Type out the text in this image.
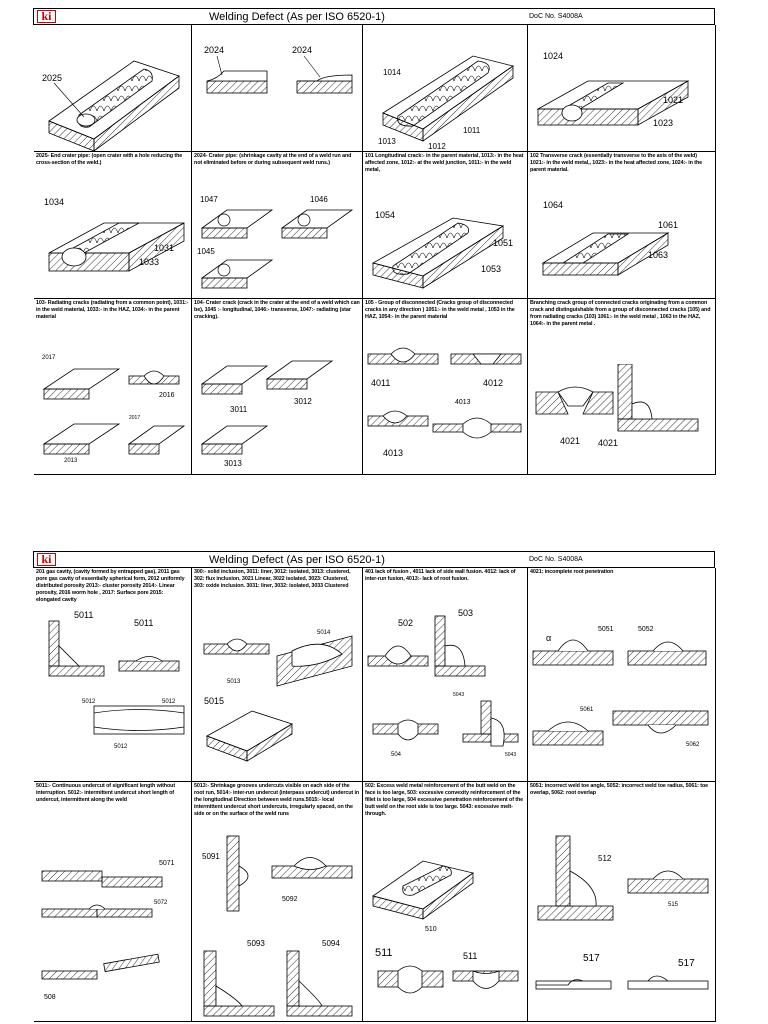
ki	Welding Defect (As per ISO 6520-1)	DoC No. S4008A
2025
2024	2024
1014
1013
1012
1011
1024
1021
1023
2025- End crater pipe: (open crater with a hole reducing the cross-section of the weld.)
1034
1031
1033
2024- Crater pipe: (shrinkage cavity at the end of a weld run and not eliminated before or during subsequent weld runs.)
1047	1046
1045
101 Longitudinal crack:- in the parent material, 1013:- in the heat affected zone, 1012:- at the weld junction, 1011:- in the weld metal,
1054
1051
1053
102 Transverse crack (essentially transverse to the axis of the weld) 1021:- in the weld metal,, 1023:- in the heat affected zone, 1024:- in the parent material.
1064
1061
1063
103- Radiating cracks (radiating from a common point), 1031:- in the weld material, 1033:- in the HAZ, 1034:- in the parent material
2017
2016
2013
2017
104- Crater crack (crack in the crater at the end of a weld which can be), 1045 :- longitudinal, 1046:- transverse, 1047:- radiating (star cracking).
3011
3012
3013
105 - Group of disconnected (Cracks group of disconnected cracks in any direction ) 1051:- in the weld metal , 1053 in the HAZ, 1054:- in the parent material
4011	4012
4013
4013
Branching crack group of connected cracks originating from a common crack and distinguishable from a group of disconnected cracks (105) and from radiating cracks (103) 1061:- in the weld metal , 1063 in the HAZ, 1064:- in the parent metal .
4021 4021
ki	Welding Defect (As per ISO 6520-1)	DoC No. S4008A
201 gas cavity, (cavity formed by entrapped gas), 2011 gas pore gas cavity of essentially spherical form, 2012 uniformly distributed porosity 2013:- cluster porosity 2014:- Linear porosity, 2016 worm hole , 2017: Surface pore 2015: elongated cavity
5011
5011
5012	5012
5012
300:- solid inclusion, 3011: liner, 3012: isolated, 3013: clustered, 302: flux inclusion, 3021 Linear, 3022 isolated, 3023: Clustered, 303: oxide inclusion. 3031: liner, 3032: isolated, 3033 Clustered
5014
5013
5015
401 lack of fusion , 4011 lack of side wall fusion. 4012: lack of inter-run fusion, 4013:- lack of root fusion.
502
503
5043
504	5043
4021: incomplete root penetration
α
5051	5052
5061
5062
5011:- Continuous undercut of significant length without interruption. 5012:- intermittent undercut short length of undercut, intermittent along the weld
5071
5072
508
5013:- Shrinkage grooves undercuts visible on each side of the root run, 5014:- inter-run undercut (interpass undercut) undercut in the longitudinal Direction between weld runs.5015:- local intermittent undercut short undercuts, irregularly spaced, on the side or on the surface of the weld runs
5091
5092
5093	5094
502: Excess weld metal reinforcement of the butt weld on the face is too large, 503: excessive convexity reinforcement of the fillet is too large, 504 excessive penetration reinforcement of the butt weld on the root side is too large. 5043: excessive melt-through.
510
511	511
5051: incorrect weld toe angle, 5052: incorrect weld toe radius, 5061: toe overlap, 5062: root overlap
512
515
517	517
